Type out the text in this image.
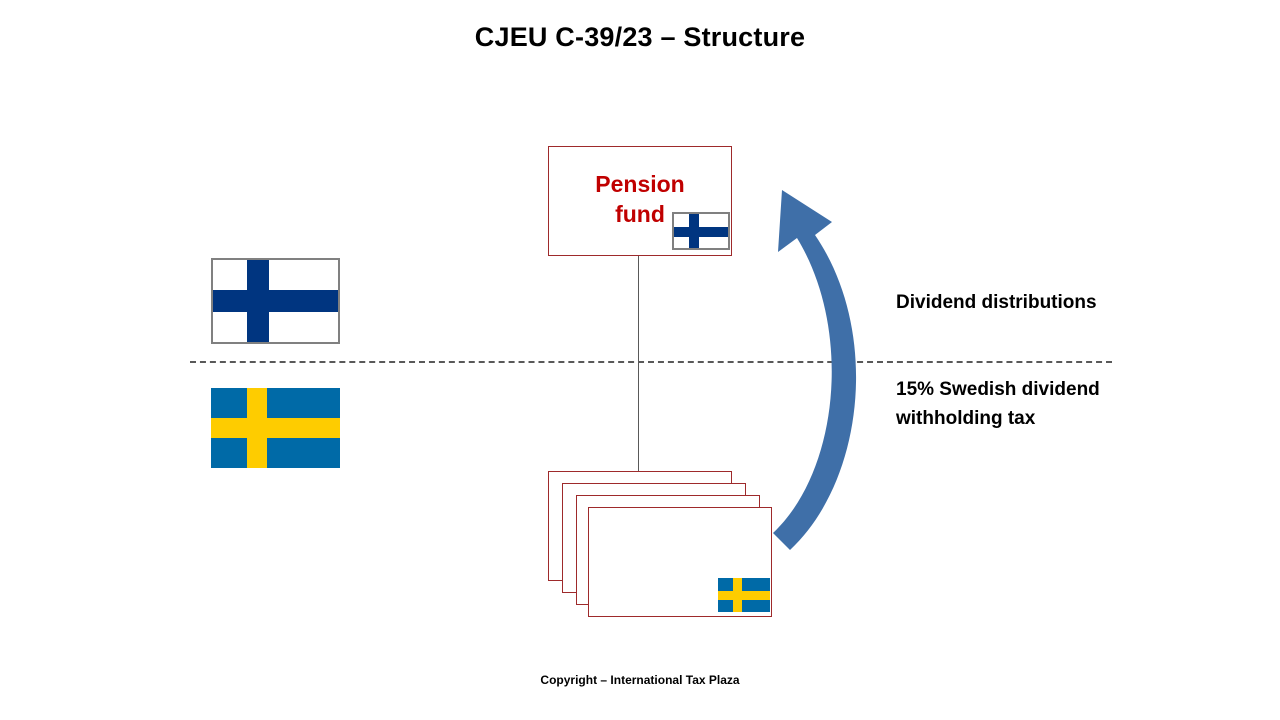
CJEU C-39/23 – Structure
Pension
fund
Dividend distributions
15% Swedish dividend withholding tax
Copyright – International Tax Plaza
